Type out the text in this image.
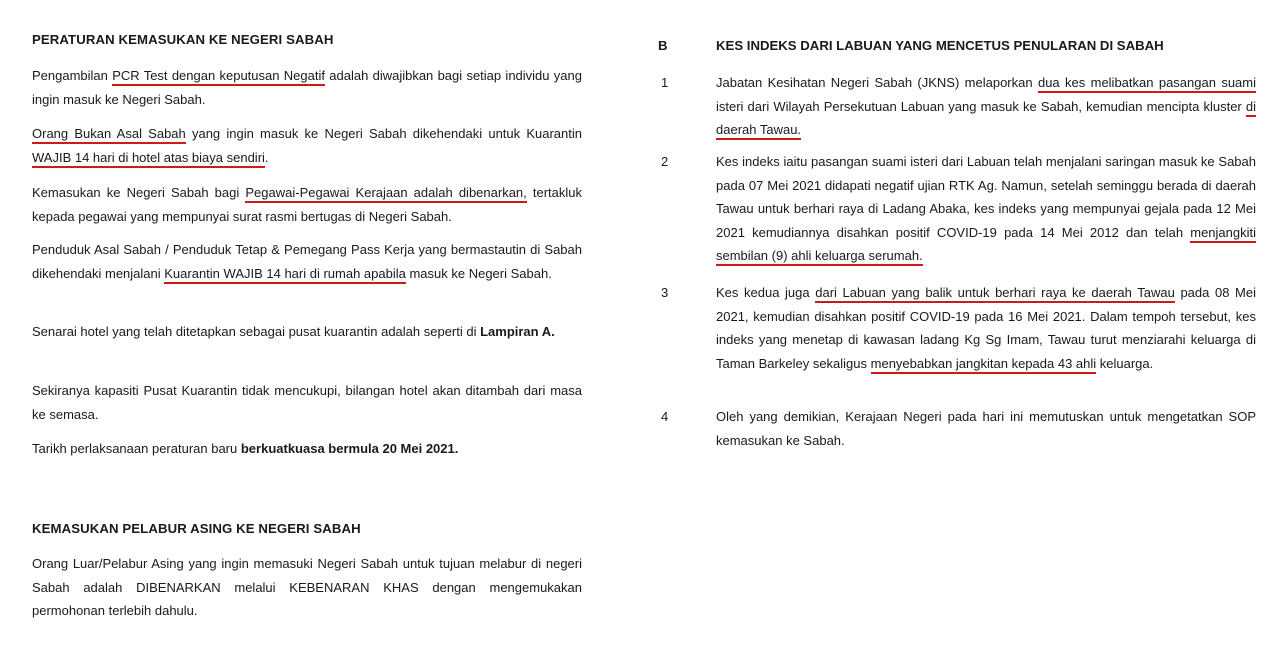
PERATURAN KEMASUKAN KE NEGERI SABAH

Pengambilan PCR Test dengan keputusan Negatif adalah diwajibkan bagi setiap individu yang ingin masuk ke Negeri Sabah.

Orang Bukan Asal Sabah yang ingin masuk ke Negeri Sabah dikehendaki untuk Kuarantin WAJIB 14 hari di hotel atas biaya sendiri.

Kemasukan ke Negeri Sabah bagi Pegawai-Pegawai Kerajaan adalah dibenarkan, tertakluk kepada pegawai yang mempunyai surat rasmi bertugas di Negeri Sabah.

Penduduk Asal Sabah / Penduduk Tetap & Pemegang Pass Kerja yang bermastautin di Sabah dikehendaki menjalani Kuarantin WAJIB 14 hari di rumah apabila masuk ke Negeri Sabah.

Senarai hotel yang telah ditetapkan sebagai pusat kuarantin adalah seperti di Lampiran A.

Sekiranya kapasiti Pusat Kuarantin tidak mencukupi, bilangan hotel akan ditambah dari masa ke semasa.

Tarikh perlaksanaan peraturan baru berkuatkuasa bermula 20 Mei 2021.

KEMASUKAN PELABUR ASING KE NEGERI SABAH

Orang Luar/Pelabur Asing yang ingin memasuki Negeri Sabah untuk tujuan melabur di negeri Sabah adalah DIBENARKAN melalui KEBENARAN KHAS dengan mengemukakan permohonan terlebih dahulu.

B	KES INDEKS DARI LABUAN YANG MENCETUS PENULARAN DI SABAH
1	Jabatan Kesihatan Negeri Sabah (JKNS) melaporkan dua kes melibatkan pasangan suami isteri dari Wilayah Persekutuan Labuan yang masuk ke Sabah, kemudian mencipta kluster di daerah Tawau.

2	Kes indeks iaitu pasangan suami isteri dari Labuan telah menjalani saringan masuk ke Sabah pada 07 Mei 2021 didapati negatif ujian RTK Ag. Namun, setelah seminggu berada di daerah Tawau untuk berhari raya di Ladang Abaka, kes indeks yang mempunyai gejala pada 12 Mei 2021 kemudiannya disahkan positif COVID-19 pada 14 Mei 2012 dan telah menjangkiti sembilan (9) ahli keluarga serumah.

3	Kes kedua juga dari Labuan yang balik untuk berhari raya ke daerah Tawau pada 08 Mei 2021, kemudian disahkan positif COVID-19 pada 16 Mei 2021. Dalam tempoh tersebut, kes indeks yang menetap di kawasan ladang Kg Sg Imam, Tawau turut menziarahi keluarga di Taman Barkeley sekaligus menyebabkan jangkitan kepada 43 ahli keluarga.

4	Oleh yang demikian, Kerajaan Negeri pada hari ini memutuskan untuk mengetatkan SOP kemasukan ke Sabah.
